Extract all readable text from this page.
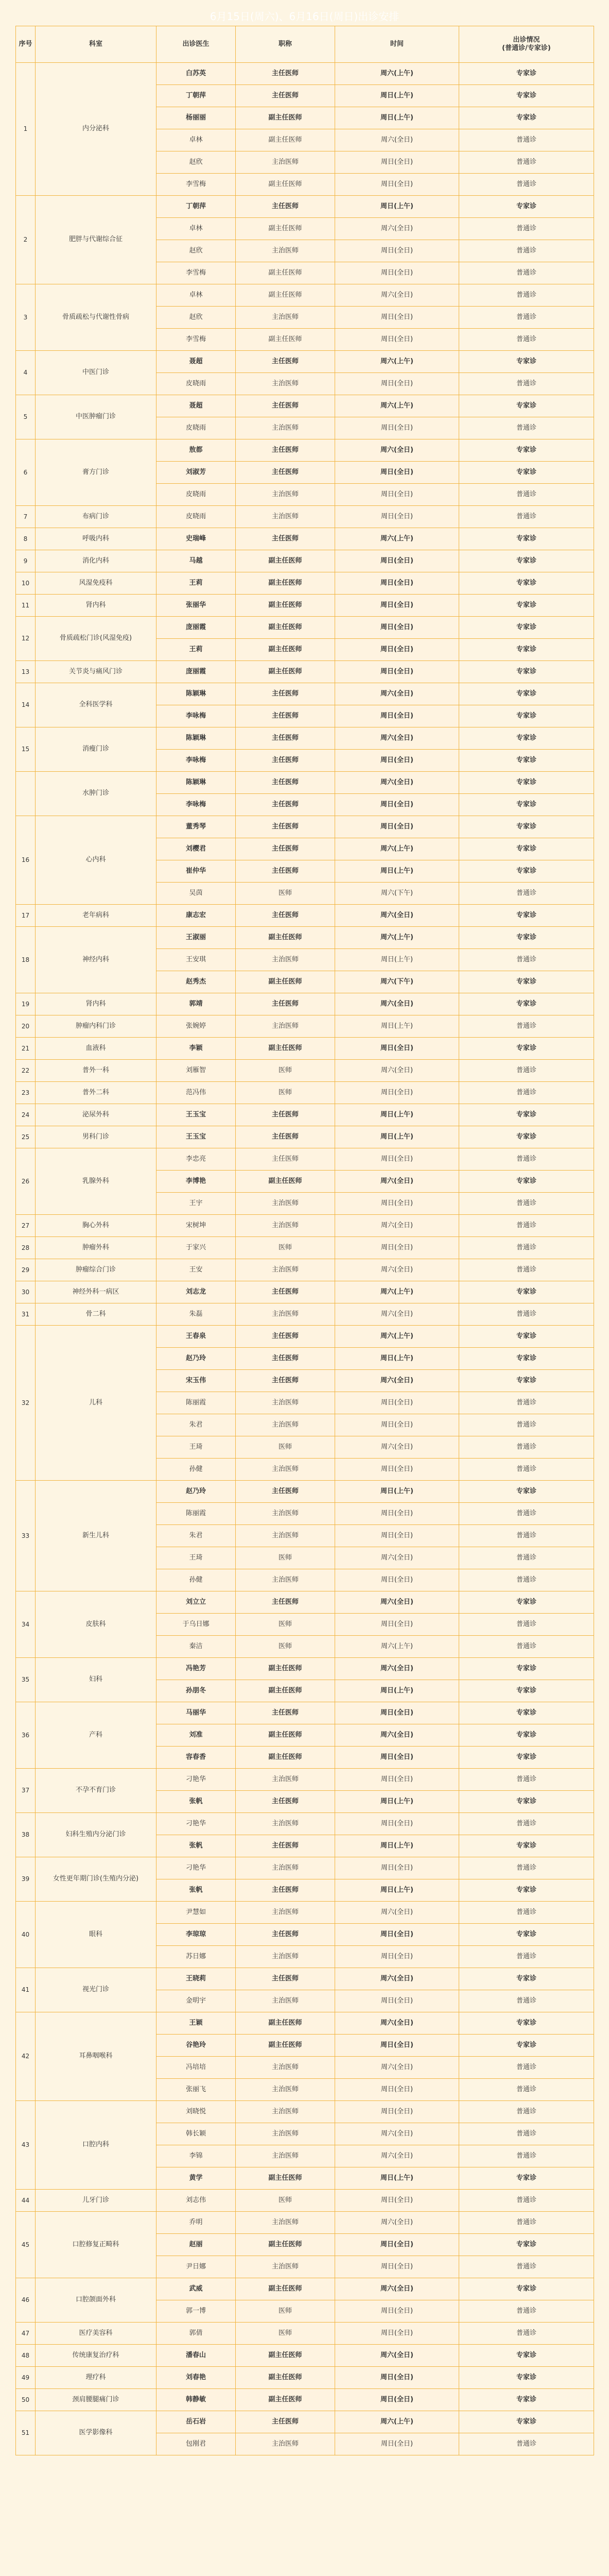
6月15日(周六)、6月16日(周日)出诊安排
序号	科室	出诊医生	职称	时间	出诊情况
(普通诊/专家诊)
1	内分泌科	白苏英	主任医师	周六(上午)	专家诊
		丁朝萍	主任医师	周日(上午)	专家诊
		杨丽丽	副主任医师	周日(上午)	专家诊
		卓林	副主任医师	周六(全日)	普通诊
		赵欣	主治医师	周日(全日)	普通诊
		李雪梅	副主任医师	周日(全日)	普通诊
2	肥胖与代谢综合征	丁朝萍	主任医师	周日(上午)	专家诊
		卓林	副主任医师	周六(全日)	普通诊
		赵欣	主治医师	周日(全日)	普通诊
		李雪梅	副主任医师	周日(全日)	普通诊
3	骨质疏松与代谢性骨病	卓林	副主任医师	周六(全日)	普通诊
		赵欣	主治医师	周日(全日)	普通诊
		李雪梅	副主任医师	周日(全日)	普通诊
4	中医门诊	聂超	主任医师	周六(上午)	专家诊
		皮晓雨	主治医师	周日(全日)	普通诊
5	中医肿瘤门诊	聂超	主任医师	周六(上午)	专家诊
		皮晓雨	主治医师	周日(全日)	普通诊
6	膏方门诊	敖都	主任医师	周六(全日)	专家诊
		刘淑芳	主任医师	周日(全日)	专家诊
		皮晓雨	主治医师	周日(全日)	普通诊
7	布病门诊	皮晓雨	主治医师	周日(全日)	普通诊
8	呼吸内科	史瑞峰	主任医师	周六(上午)	专家诊
9	消化内科	马越	副主任医师	周日(全日)	专家诊
10	风湿免疫科	王莉	副主任医师	周日(全日)	专家诊
11	肾内科	张丽华	副主任医师	周日(全日)	专家诊
12	骨质疏松门诊(风湿免疫)	庞丽霞	副主任医师	周日(全日)	专家诊
		王莉	副主任医师	周日(全日)	专家诊
13	关节炎与痛风门诊	庞丽霞	副主任医师	周日(全日)	专家诊
14	全科医学科	陈颖琳	主任医师	周六(全日)	专家诊
		李咏梅	主任医师	周日(全日)	专家诊
15	消瘦门诊	陈颖琳	主任医师	周六(全日)	专家诊
		李咏梅	主任医师	周日(全日)	专家诊
	水肿门诊	陈颖琳	主任医师	周六(全日)	专家诊
		李咏梅	主任医师	周日(全日)	专家诊
16	心内科	董秀琴	主任医师	周日(全日)	专家诊
		刘樱君	主任医师	周六(上午)	专家诊
		崔仲华	主任医师	周日(上午)	专家诊
		吴茵	医师	周六(下午)	普通诊
17	老年病科	康志宏	主任医师	周六(全日)	专家诊
18	神经内科	王淑丽	副主任医师	周六(上午)	专家诊
		王安琪	主治医师	周日(上午)	普通诊
		赵秀杰	副主任医师	周六(下午)	专家诊
19	肾内科	郭靖	主任医师	周六(全日)	专家诊
20	肿瘤内科门诊	张婉婷	主治医师	周日(上午)	普通诊
21	血液科	李颖	副主任医师	周日(全日)	专家诊
22	普外一科	刘雁智	医师	周六(全日)	普通诊
23	普外二科	范冯伟	医师	周日(全日)	普通诊
24	泌尿外科	王玉宝	主任医师	周日(上午)	专家诊
25	男科门诊	王玉宝	主任医师	周日(上午)	专家诊
26	乳腺外科	李忠亮	主任医师	周日(全日)	普通诊
		李博艳	副主任医师	周六(全日)	专家诊
		王宇	主治医师	周日(全日)	普通诊
27	胸心外科	宋树坤	主治医师	周六(全日)	普通诊
28	肿瘤外科	于家兴	医师	周日(全日)	普通诊
29	肿瘤综合门诊	王安	主治医师	周六(全日)	普通诊
30	神经外科一病区	刘志龙	主任医师	周六(上午)	专家诊
31	骨二科	朱磊	主治医师	周六(全日)	普通诊
32	儿科	王春泉	主任医师	周六(上午)	专家诊
		赵乃玲	主任医师	周日(上午)	专家诊
		宋玉伟	主任医师	周六(全日)	专家诊
		陈丽霞	主治医师	周日(全日)	普通诊
		朱君	主治医师	周日(全日)	普通诊
		王琦	医师	周六(全日)	普通诊
		孙健	主治医师	周日(全日)	普通诊
33	新生儿科	赵乃玲	主任医师	周日(上午)	专家诊
		陈丽霞	主治医师	周日(全日)	普通诊
		朱君	主治医师	周日(全日)	普通诊
		王琦	医师	周六(全日)	普通诊
		孙健	主治医师	周日(全日)	普通诊
34	皮肤科	刘立立	主任医师	周六(全日)	专家诊
		于乌日娜	医师	周日(全日)	普通诊
		秦洁	医师	周六(上午)	普通诊
35	妇科	冯艳芳	副主任医师	周六(全日)	专家诊
		孙朋冬	副主任医师	周日(上午)	专家诊
36	产科	马丽华	主任医师	周日(全日)	专家诊
		刘准	副主任医师	周六(全日)	专家诊
		容春香	副主任医师	周日(全日)	专家诊
37	不孕不育门诊	刁艳华	主治医师	周日(全日)	普通诊
		张帆	主任医师	周日(上午)	专家诊
38	妇科生殖内分泌门诊	刁艳华	主治医师	周日(全日)	普通诊
		张帆	主任医师	周日(上午)	专家诊
39	女性更年期门诊(生殖内分泌)	刁艳华	主治医师	周日(全日)	普通诊
		张帆	主任医师	周日(上午)	专家诊
40	眼科	尹慧如	主治医师	周六(全日)	普通诊
		李琼琼	主任医师	周日(全日)	专家诊
		苏日娜	主治医师	周日(全日)	普通诊
41	视光门诊	王晓莉	主任医师	周六(全日)	专家诊
		金明宇	主治医师	周日(全日)	普通诊
42	耳鼻咽喉科	王颖	副主任医师	周六(全日)	专家诊
		谷艳玲	副主任医师	周日(全日)	专家诊
		冯培培	主治医师	周六(全日)	普通诊
		张丽飞	主治医师	周日(全日)	普通诊
43	口腔内科	刘晓悦	主治医师	周日(全日)	普通诊
		韩长颖	主治医师	周六(全日)	普通诊
		李锦	主治医师	周六(全日)	普通诊
		黄学	副主任医师	周日(上午)	专家诊
44	儿牙门诊	刘志伟	医师	周日(全日)	普通诊
45	口腔修复正畸科	乔明	主治医师	周六(全日)	普通诊
		赵丽	副主任医师	周日(全日)	专家诊
		尹日娜	主治医师	周日(全日)	普通诊
46	口腔颌面外科	武威	副主任医师	周六(全日)	专家诊
		郭一博	医师	周日(全日)	普通诊
47	医疗美容科	郭倩	医师	周日(全日)	普通诊
48	传统康复治疗科	潘春山	副主任医师	周六(全日)	专家诊
49	理疗科	刘春艳	副主任医师	周日(全日)	专家诊
50	颈肩腰腿痛门诊	韩静敏	副主任医师	周日(全日)	专家诊
51	医学影像科	岳石岩	主任医师	周六(上午)	专家诊
		包刚君	主治医师	周日(全日)	普通诊
